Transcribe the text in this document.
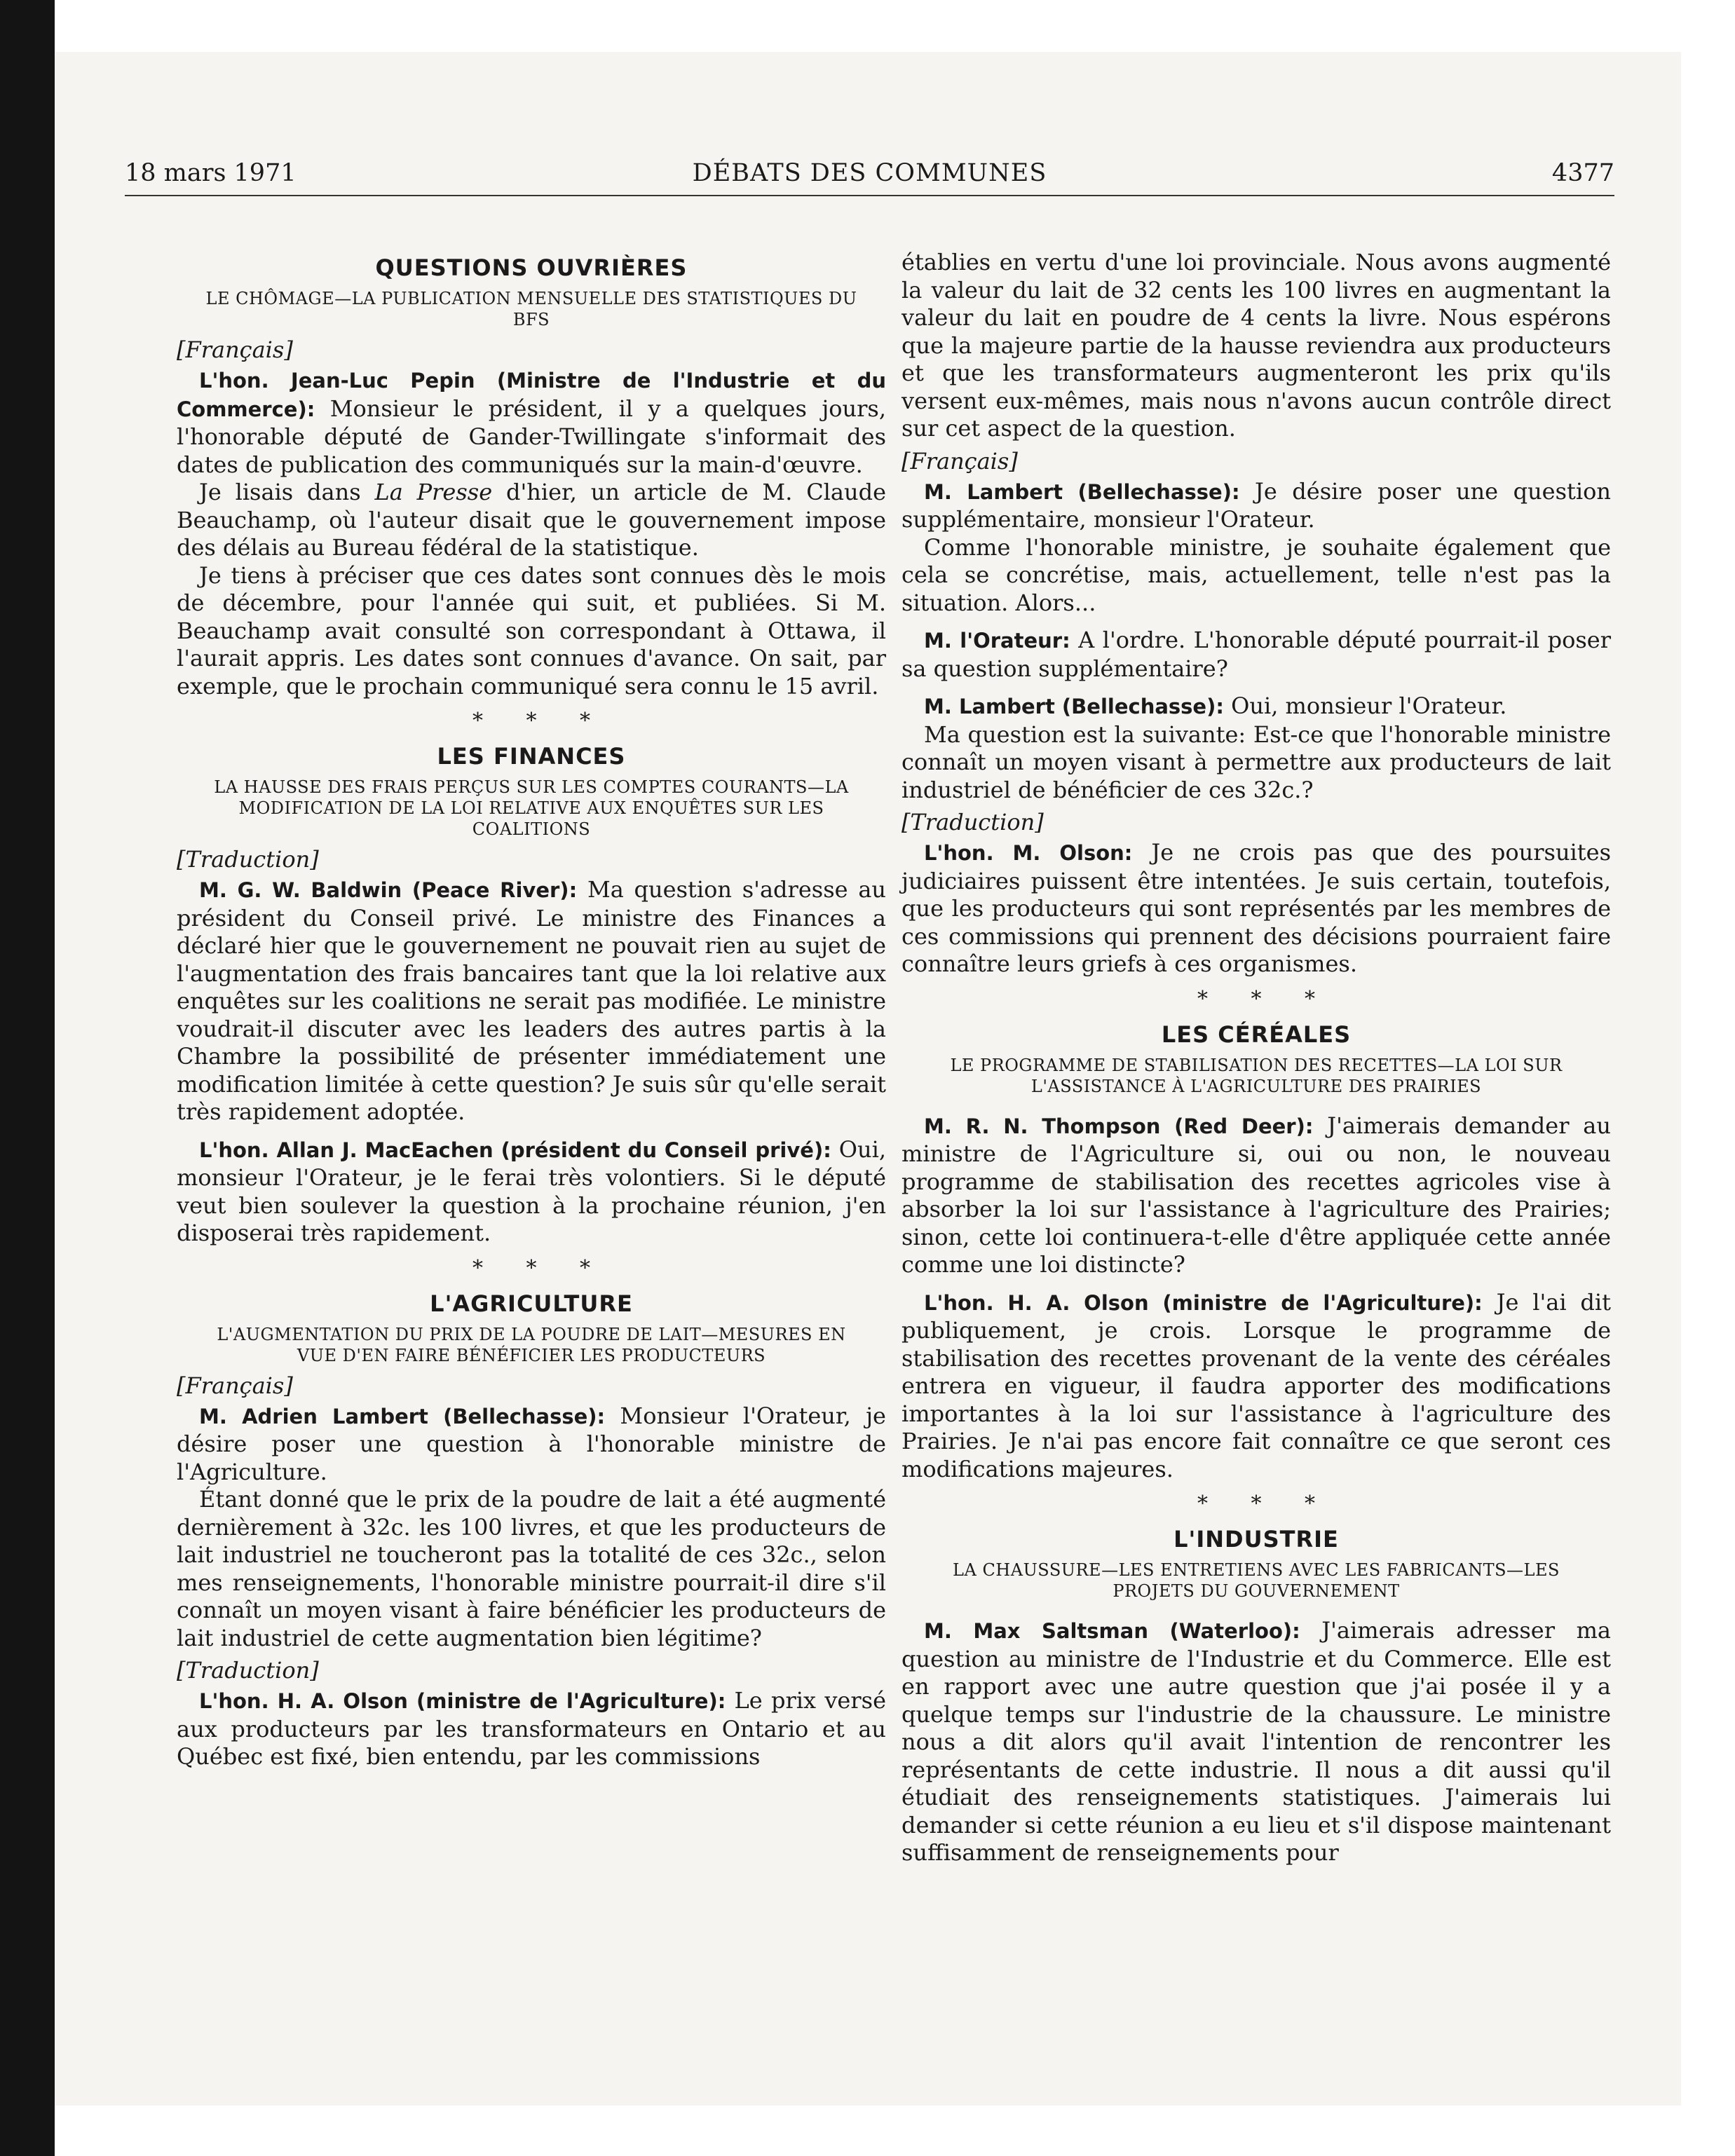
18 mars 1971	DÉBATS DES COMMUNES	4377
QUESTIONS OUVRIÈRES
LE CHÔMAGE—LA PUBLICATION MENSUELLE DES STATISTIQUES DU BFS
[Français]

L'hon. Jean-Luc Pepin (Ministre de l'Industrie et du Commerce): Monsieur le président, il y a quelques jours, l'honorable député de Gander-Twillingate s'informait des dates de publication des communiqués sur la main-d'œuvre.

Je lisais dans La Presse d'hier, un article de M. Claude Beauchamp, où l'auteur disait que le gouvernement impose des délais au Bureau fédéral de la statistique.

Je tiens à préciser que ces dates sont connues dès le mois de décembre, pour l'année qui suit, et publiées. Si M. Beauchamp avait consulté son correspondant à Ottawa, il l'aurait appris. Les dates sont connues d'avance. On sait, par exemple, que le prochain communiqué sera connu le 15 avril.

* * *
LES FINANCES
LA HAUSSE DES FRAIS PERÇUS SUR LES COMPTES COURANTS—LA MODIFICATION DE LA LOI RELATIVE AUX ENQUÊTES SUR LES COALITIONS
[Traduction]

M. G. W. Baldwin (Peace River): Ma question s'adresse au président du Conseil privé. Le ministre des Finances a déclaré hier que le gouvernement ne pouvait rien au sujet de l'augmentation des frais bancaires tant que la loi relative aux enquêtes sur les coalitions ne serait pas modifiée. Le ministre voudrait-il discuter avec les leaders des autres partis à la Chambre la possibilité de présenter immédiatement une modification limitée à cette question? Je suis sûr qu'elle serait très rapidement adoptée.

L'hon. Allan J. MacEachen (président du Conseil privé): Oui, monsieur l'Orateur, je le ferai très volontiers. Si le député veut bien soulever la question à la prochaine réunion, j'en disposerai très rapidement.

* * *
L'AGRICULTURE
L'AUGMENTATION DU PRIX DE LA POUDRE DE LAIT—MESURES EN VUE D'EN FAIRE BÉNÉFICIER LES PRODUCTEURS
[Français]

M. Adrien Lambert (Bellechasse): Monsieur l'Orateur, je désire poser une question à l'honorable ministre de l'Agriculture.

Étant donné que le prix de la poudre de lait a été augmenté dernièrement à 32c. les 100 livres, et que les producteurs de lait industriel ne toucheront pas la totalité de ces 32c., selon mes renseignements, l'honorable ministre pourrait-il dire s'il connaît un moyen visant à faire bénéficier les producteurs de lait industriel de cette augmentation bien légitime?

[Traduction]

L'hon. H. A. Olson (ministre de l'Agriculture): Le prix versé aux producteurs par les transformateurs en Ontario et au Québec est fixé, bien entendu, par les commissions

établies en vertu d'une loi provinciale. Nous avons augmenté la valeur du lait de 32 cents les 100 livres en augmentant la valeur du lait en poudre de 4 cents la livre. Nous espérons que la majeure partie de la hausse reviendra aux producteurs et que les transformateurs augmenteront les prix qu'ils versent eux-mêmes, mais nous n'avons aucun contrôle direct sur cet aspect de la question.

[Français]

M. Lambert (Bellechasse): Je désire poser une question supplémentaire, monsieur l'Orateur.

Comme l'honorable ministre, je souhaite également que cela se concrétise, mais, actuellement, telle n'est pas la situation. Alors...

M. l'Orateur: A l'ordre. L'honorable député pourrait-il poser sa question supplémentaire?

M. Lambert (Bellechasse): Oui, monsieur l'Orateur.

Ma question est la suivante: Est-ce que l'honorable ministre connaît un moyen visant à permettre aux producteurs de lait industriel de bénéficier de ces 32c.?

[Traduction]

L'hon. M. Olson: Je ne crois pas que des poursuites judiciaires puissent être intentées. Je suis certain, toutefois, que les producteurs qui sont représentés par les membres de ces commissions qui prennent des décisions pourraient faire connaître leurs griefs à ces organismes.

* * *
LES CÉRÉALES
LE PROGRAMME DE STABILISATION DES RECETTES—LA LOI SUR L'ASSISTANCE À L'AGRICULTURE DES PRAIRIES

M. R. N. Thompson (Red Deer): J'aimerais demander au ministre de l'Agriculture si, oui ou non, le nouveau programme de stabilisation des recettes agricoles vise à absorber la loi sur l'assistance à l'agriculture des Prairies; sinon, cette loi continuera-t-elle d'être appliquée cette année comme une loi distincte?

L'hon. H. A. Olson (ministre de l'Agriculture): Je l'ai dit publiquement, je crois. Lorsque le programme de stabilisation des recettes provenant de la vente des céréales entrera en vigueur, il faudra apporter des modifications importantes à la loi sur l'assistance à l'agriculture des Prairies. Je n'ai pas encore fait connaître ce que seront ces modifications majeures.

* * *
L'INDUSTRIE
LA CHAUSSURE—LES ENTRETIENS AVEC LES FABRICANTS—LES PROJETS DU GOUVERNEMENT

M. Max Saltsman (Waterloo): J'aimerais adresser ma question au ministre de l'Industrie et du Commerce. Elle est en rapport avec une autre question que j'ai posée il y a quelque temps sur l'industrie de la chaussure. Le ministre nous a dit alors qu'il avait l'intention de rencontrer les représentants de cette industrie. Il nous a dit aussi qu'il étudiait des renseignements statistiques. J'aimerais lui demander si cette réunion a eu lieu et s'il dispose maintenant suffisamment de renseignements pour
